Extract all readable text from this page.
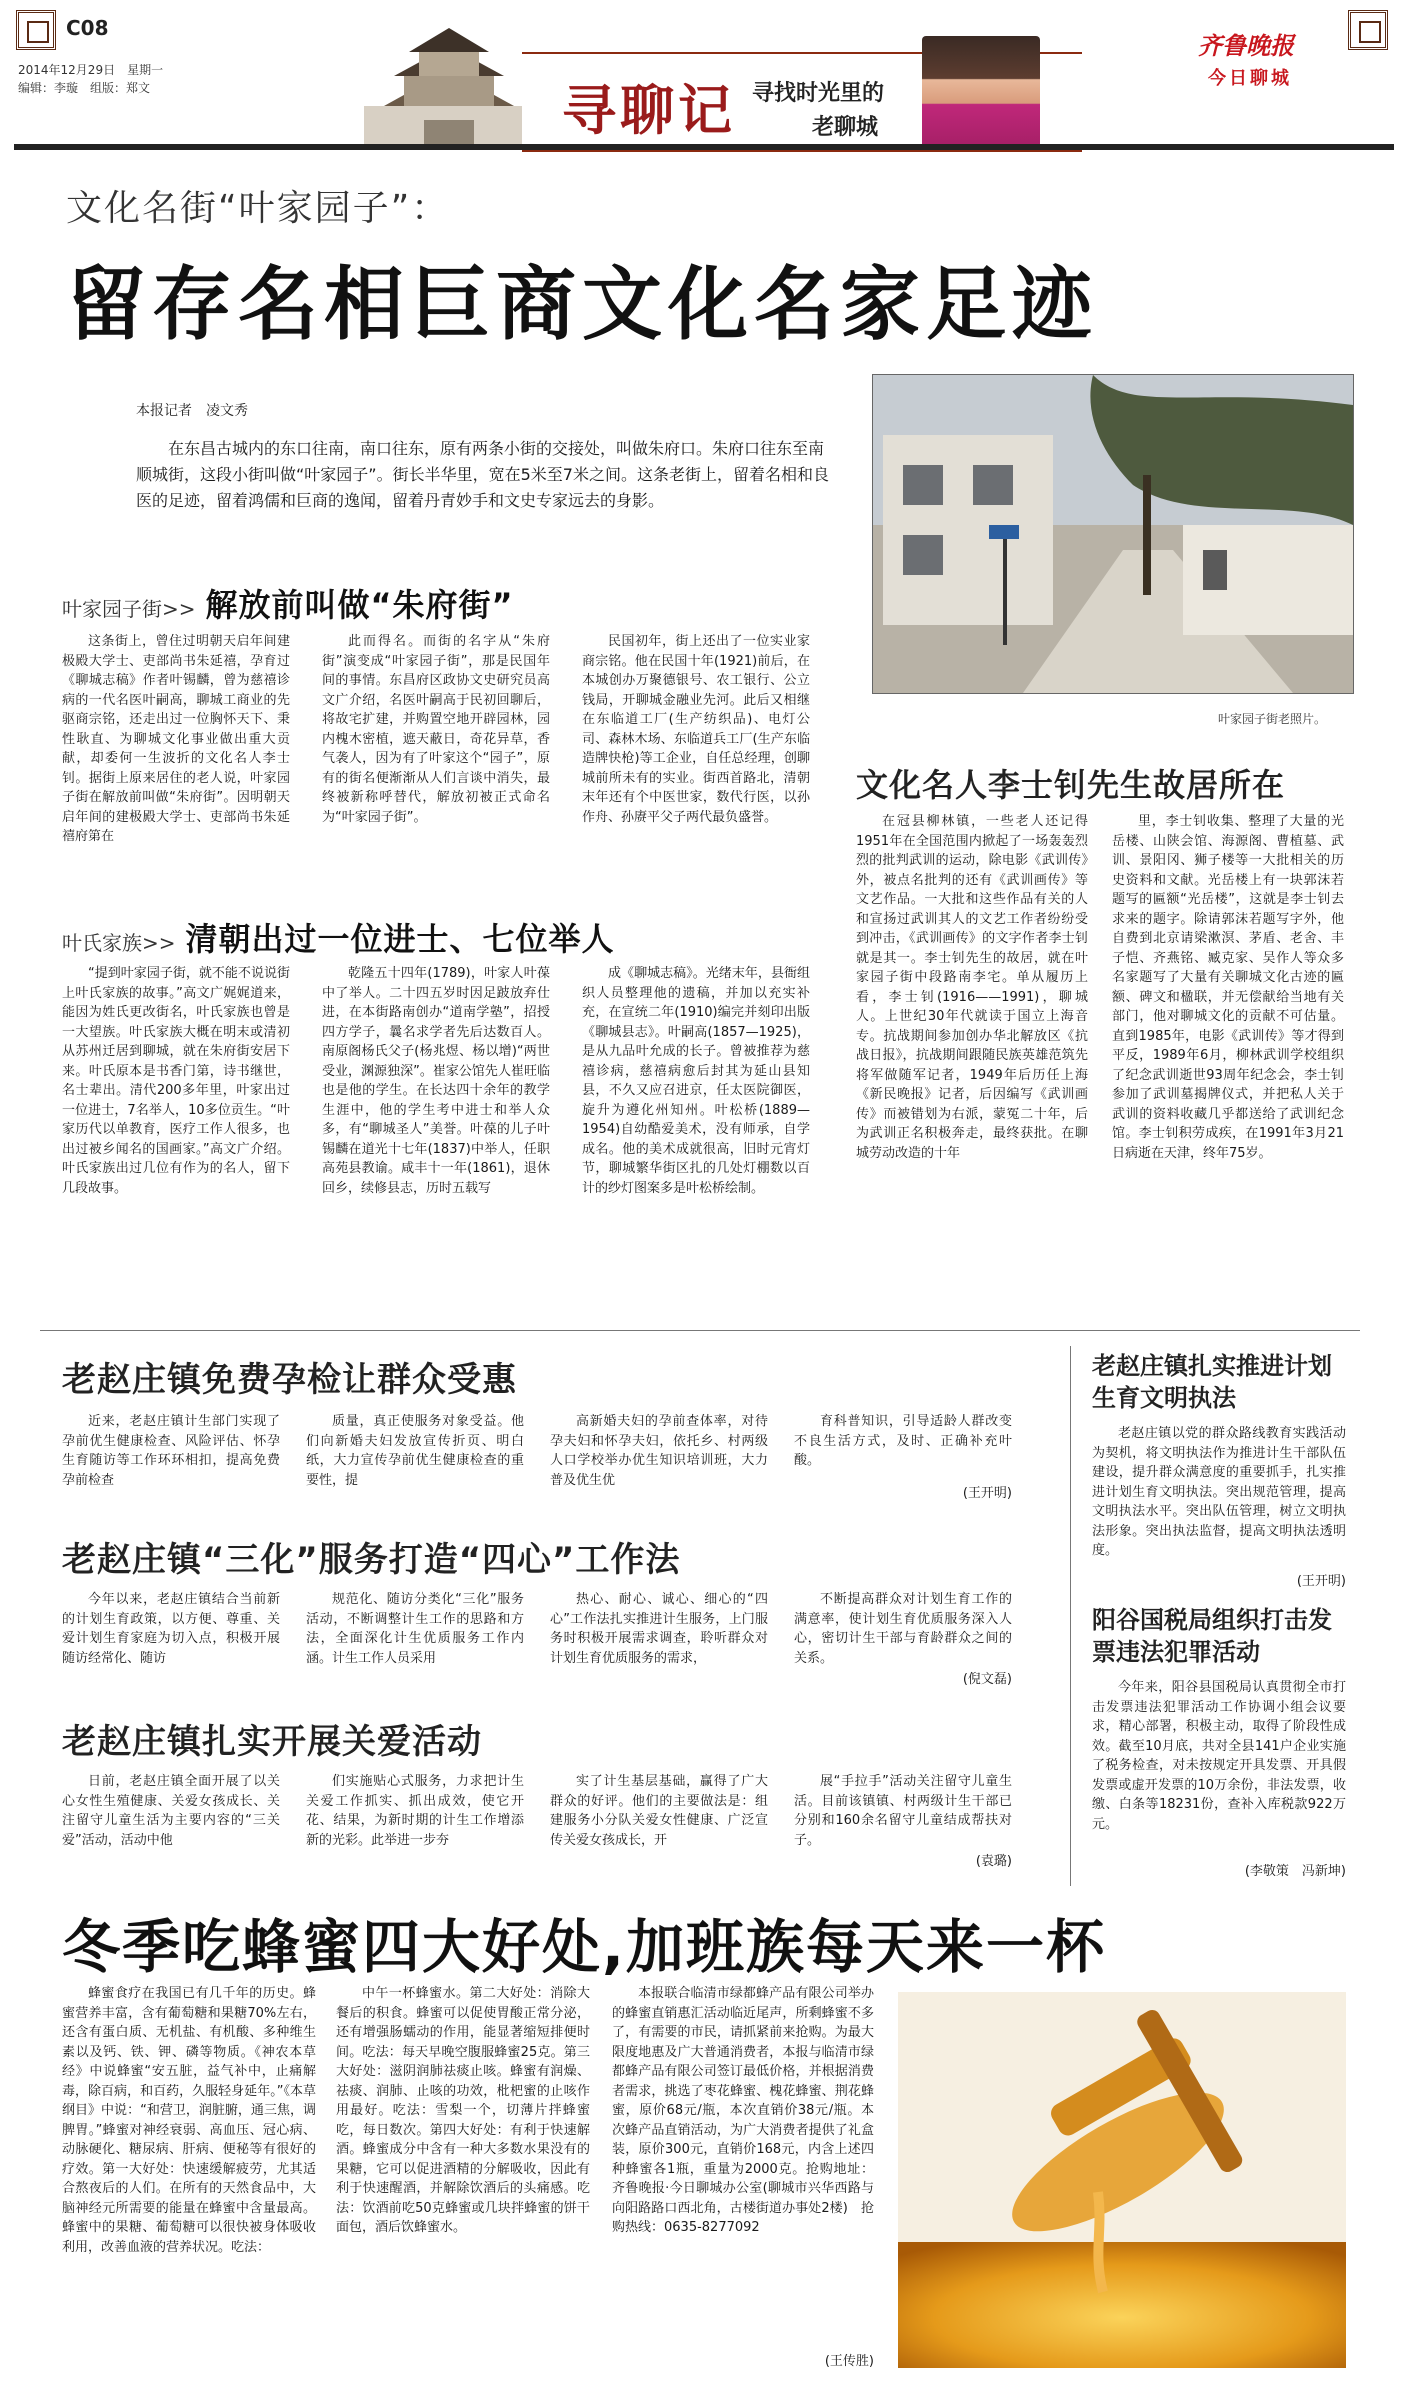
C08
2014年12月29日　星期一
编辑：李璇　组版：郑文	寻聊记 寻找时光里的
老聊城
齐鲁晚报
今日聊城
文化名街“叶家园子”：
留存名相巨商文化名家足迹
本报记者　凌文秀

在东昌古城内的东口往南，南口往东，原有两条小街的交接处，叫做朱府口。朱府口往东至南顺城街，这段小街叫做“叶家园子”。街长半华里，宽在5米至7米之间。这条老街上，留着名相和良医的足迹，留着鸿儒和巨商的逸闻，留着丹青妙手和文史专家远去的身影。

叶家园子街老照片。
叶家园子街>> 解放前叫做“朱府街”

这条街上，曾住过明朝天启年间建极殿大学士、吏部尚书朱延禧，孕育过《聊城志稿》作者叶锡麟，曾为慈禧诊病的一代名医叶嗣高，聊城工商业的先驱商宗铭，还走出过一位胸怀天下、秉性耿直、为聊城文化事业做出重大贡献，却委何一生波折的文化名人李士钊。据街上原来居住的老人说，叶家园子街在解放前叫做“朱府街”。因明朝天启年间的建极殿大学士、吏部尚书朱延禧府第在

此而得名。而街的名字从“朱府街”演变成“叶家园子街”，那是民国年间的事情。东昌府区政协文史研究员高文广介绍，名医叶嗣高于民初回聊后，将故宅扩建，并购置空地开辟园林，园内槐木密植，遮天蔽日，奇花异草，香气袭人，因为有了叶家这个“园子”，原有的街名便渐渐从人们言谈中消失，最终被新称呼替代，解放初被正式命名为“叶家园子街”。

民国初年，街上还出了一位实业家商宗铭。他在民国十年(1921)前后，在本城创办万聚德银号、农工银行、公立钱局，开聊城金融业先河。此后又相继在东临道工厂(生产纺织品)、电灯公司、森林木场、东临道兵工厂(生产东临造牌快枪)等工企业，自任总经理，创聊城前所未有的实业。街西首路北，清朝末年还有个中医世家，数代行医，以孙作舟、孙赓平父子两代最负盛誉。

叶氏家族>> 清朝出过一位进士、七位举人

“提到叶家园子街，就不能不说说街上叶氏家族的故事。”高文广娓娓道来，能因为姓氏更改街名，叶氏家族也曾是一大望族。叶氏家族大概在明末或清初从苏州迁居到聊城，就在朱府街安居下来。叶氏原本是书香门第，诗书继世，名士辈出。清代200多年里，叶家出过一位进士，7名举人，10多位贡生。“叶家历代以单教育，医疗工作人很多，也出过被乡闻名的国画家。”高文广介绍。叶氏家族出过几位有作为的名人，留下几段故事。

乾隆五十四年(1789)，叶家人叶葆中了举人。二十四五岁时因足跛放弃仕进，在本街路南创办“道南学塾”，招授四方学子，曩名求学者先后达数百人。南原阁杨氏父子(杨兆煜、杨以增)“两世受业，渊源独深”。崔家公馆先人崔旺临也是他的学生。在长达四十余年的教学生涯中，他的学生考中进士和举人众多，有“聊城圣人”美誉。叶葆的儿子叶锡麟在道光十七年(1837)中举人，任职高苑县教谕。咸丰十一年(1861)，退休回乡，续修县志，历时五载写

成《聊城志稿》。光绪末年，县衙组织人员整理他的遗稿，并加以充实补充，在宣统二年(1910)编完并刻印出版《聊城县志》。叶嗣高(1857—1925)，是从九品叶允成的长子。曾被推荐为慈禧诊病，慈禧病愈后封其为延山县知县，不久又应召进京，任太医院御医，旋升为遵化州知州。叶松桥(1889—1954)自幼酷爱美术，没有师承，自学成名。他的美术成就很高，旧时元宵灯节，聊城繁华街区扎的几处灯棚数以百计的纱灯图案多是叶松桥绘制。

文化名人李士钊先生故居所在

在冠县柳林镇，一些老人还记得1951年在全国范围内掀起了一场轰轰烈烈的批判武训的运动，除电影《武训传》外，被点名批判的还有《武训画传》等文艺作品。一大批和这些作品有关的人和宣扬过武训其人的文艺工作者纷纷受到冲击，《武训画传》的文字作者李士钊就是其一。李士钊先生的故居，就在叶家园子街中段路南李宅。单从履历上看，李士钊(1916——1991)，聊城人。上世纪30年代就读于国立上海音专。抗战期间参加创办华北解放区《抗战日报》，抗战期间跟随民族英雄范筑先将军做随军记者，1949年后历任上海《新民晚报》记者，后因编写《武训画传》而被错划为右派，蒙冤二十年，后为武训正名积极奔走，最终获批。在聊城劳动改造的十年

里，李士钊收集、整理了大量的光岳楼、山陕会馆、海源阁、曹植墓、武训、景阳冈、狮子楼等一大批相关的历史资料和文献。光岳楼上有一块郭沫若题写的匾额“光岳楼”，这就是李士钊去求来的题字。除请郭沫若题写字外，他自费到北京请梁漱溟、茅盾、老舍、丰子恺、齐燕铭、臧克家、吴作人等众多名家题写了大量有关聊城文化古迹的匾额、碑文和楹联，并无偿献给当地有关部门，他对聊城文化的贡献不可估量。直到1985年，电影《武训传》等才得到平反，1989年6月，柳林武训学校组织了纪念武训逝世93周年纪念会，李士钊参加了武训墓揭牌仪式，并把私人关于武训的资料收藏几乎都送给了武训纪念馆。李士钊积劳成疾，在1991年3月21日病逝在天津，终年75岁。

老赵庄镇免费孕检让群众受惠

近来，老赵庄镇计生部门实现了孕前优生健康检查、风险评估、怀孕生育随访等工作环环相扣，提高免费孕前检查

质量，真正使服务对象受益。他们向新婚夫妇发放宣传折页、明白纸，大力宣传孕前优生健康检查的重要性，提

高新婚夫妇的孕前查体率，对待孕夫妇和怀孕夫妇，依托乡、村两级人口学校举办优生知识培训班，大力普及优生优

育科普知识，引导适龄人群改变不良生活方式，及时、正确补充叶酸。

(王开明)
老赵庄镇“三化”服务打造“四心”工作法

今年以来，老赵庄镇结合当前新的计划生育政策，以方便、尊重、关爱计划生育家庭为切入点，积极开展随访经常化、随访

规范化、随访分类化“三化”服务活动，不断调整计生工作的思路和方法，全面深化计生优质服务工作内涵。计生工作人员采用

热心、耐心、诚心、细心的“四心”工作法扎实推进计生服务，上门服务时积极开展需求调查，聆听群众对计划生育优质服务的需求，

不断提高群众对计划生育工作的满意率，使计划生育优质服务深入人心，密切计生干部与育龄群众之间的关系。

(倪文磊)
老赵庄镇扎实开展关爱活动

日前，老赵庄镇全面开展了以关心女性生殖健康、关爱女孩成长、关注留守儿童生活为主要内容的“三关爱”活动，活动中他

们实施贴心式服务，力求把计生关爱工作抓实、抓出成效，使它开花、结果，为新时期的计生工作增添新的光彩。此举进一步夯

实了计生基层基础，赢得了广大群众的好评。他们的主要做法是：组建服务小分队关爱女性健康、广泛宣传关爱女孩成长，开

展“手拉手”活动关注留守儿童生活。目前该镇镇、村两级计生干部已分别和160余名留守儿童结成帮扶对子。

(袁璐)
老赵庄镇扎实推进计划生育文明执法

老赵庄镇以党的群众路线教育实践活动为契机，将文明执法作为推进计生干部队伍建设，提升群众满意度的重要抓手，扎实推进计划生育文明执法。突出规范管理，提高文明执法水平。突出队伍管理，树立文明执法形象。突出执法监督，提高文明执法透明度。

(王开明)
阳谷国税局组织打击发票违法犯罪活动

今年来，阳谷县国税局认真贯彻全市打击发票违法犯罪活动工作协调小组会议要求，精心部署，积极主动，取得了阶段性成效。截至10月底，共对全县141户企业实施了税务检查，对未按规定开具发票、开具假发票或虚开发票的10万余份，非法发票，收缴、白条等18231份，查补入库税款922万元。

(李敬策　冯新坤)
冬季吃蜂蜜四大好处,加班族每天来一杯

蜂蜜食疗在我国已有几千年的历史。蜂蜜营养丰富，含有葡萄糖和果糖70%左右，还含有蛋白质、无机盐、有机酸、多种维生素以及钙、铁、钾、磷等物质。《神农本草经》中说蜂蜜“安五脏，益气补中，止痛解毒，除百病，和百药，久服轻身延年。”《本草纲目》中说：“和营卫，润脏腑，通三焦，调脾胃。”蜂蜜对神经衰弱、高血压、冠心病、动脉硬化、糖尿病、肝病、便秘等有很好的疗效。第一大好处：快速缓解疲劳，尤其适合熬夜后的人们。在所有的天然食品中，大脑神经元所需要的能量在蜂蜜中含量最高。蜂蜜中的果糖、葡萄糖可以很快被身体吸收利用，改善血液的营养状况。吃法：

中午一杯蜂蜜水。第二大好处：消除大餐后的积食。蜂蜜可以促使胃酸正常分泌，还有增强肠蠕动的作用，能显著缩短排便时间。吃法：每天早晚空腹服蜂蜜25克。第三大好处：滋阴润肺祛痰止咳。蜂蜜有润燥、祛痰、润肺、止咳的功效，枇杷蜜的止咳作用最好。吃法：雪梨一个，切薄片拌蜂蜜吃，每日数次。第四大好处：有利于快速解酒。蜂蜜成分中含有一种大多数水果没有的果糖，它可以促进酒精的分解吸收，因此有利于快速醒酒，并解除饮酒后的头痛感。吃法：饮酒前吃50克蜂蜜或几块拌蜂蜜的饼干面包，酒后饮蜂蜜水。

本报联合临清市绿都蜂产品有限公司举办的蜂蜜直销惠汇活动临近尾声，所剩蜂蜜不多了，有需要的市民，请抓紧前来抢购。为最大限度地惠及广大普通消费者，本报与临清市绿都蜂产品有限公司签订最低价格，并根据消费者需求，挑选了枣花蜂蜜、槐花蜂蜜、荆花蜂蜜，原价68元/瓶，本次直销价38元/瓶。本次蜂产品直销活动，为广大消费者提供了礼盒装，原价300元，直销价168元，内含上述四种蜂蜜各1瓶，重量为2000克。抢购地址：齐鲁晚报·今日聊城办公室(聊城市兴华西路与向阳路路口西北角，古楼街道办事处2楼)　抢购热线：0635-8277092

(王传胜)
